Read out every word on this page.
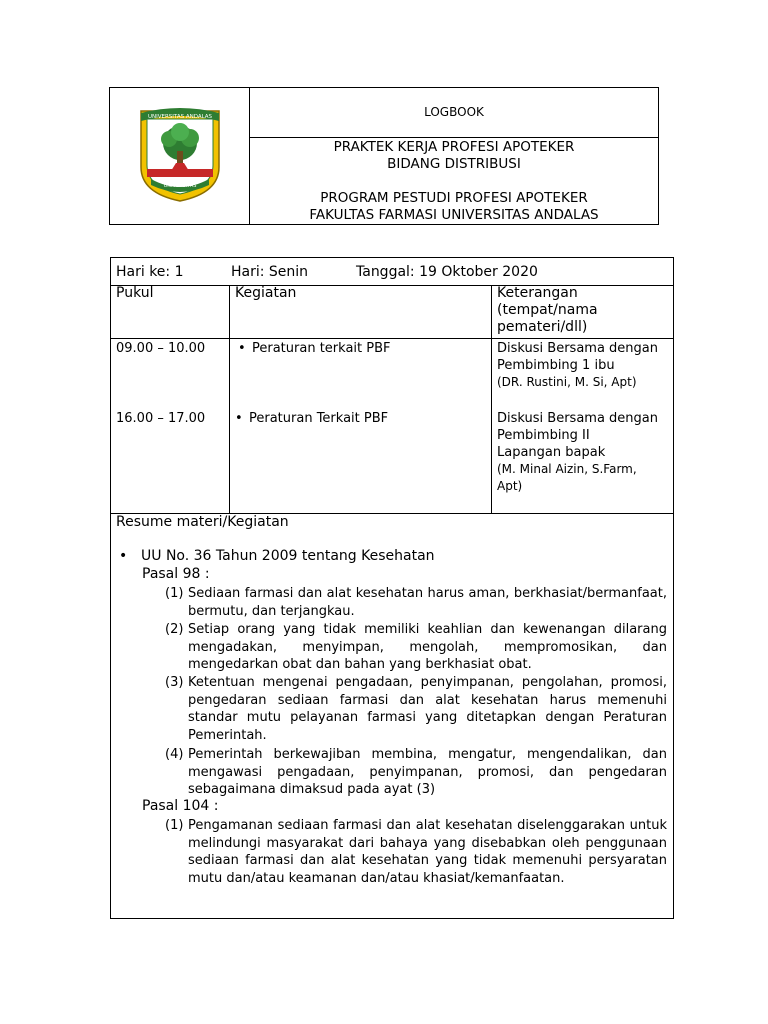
UNIVERSITAS ANDALAS
UNIVERSITAS
LOGBOOK
PRAKTEK KERJA PROFESI APOTEKER
BIDANG DISTRIBUSI
PROGRAM PESTUDI PROFESI APOTEKER
FAKULTAS FARMASI UNIVERSITAS ANDALAS
Hari ke: 1	Hari: Senin	Tanggal: 19 Oktober 2020
Pukul	Kegiatan	Keterangan
(tempat/nama
pemateri/dll)
09.00 – 10.00	• Peraturan terkait PBF	Diskusi Bersama dengan
Pembimbing 1 ibu
(DR. Rustini, M. Si, Apt)
16.00 – 17.00	• Peraturan Terkait PBF	Diskusi Bersama dengan
Pembimbing II
Lapangan bapak
(M. Minal Aizin, S.Farm,
Apt)
Resume materi/Kegiatan
• UU No. 36 Tahun 2009 tentang Kesehatan
Pasal 98 :
(1) Sediaan farmasi dan alat kesehatan harus aman, berkhasiat/bermanfaat, bermutu, dan terjangkau.
(2) Setiap orang yang tidak memiliki keahlian dan kewenangan dilarang mengadakan, menyimpan, mengolah, mempromosikan, dan mengedarkan obat dan bahan yang berkhasiat obat.
(3) Ketentuan mengenai pengadaan, penyimpanan, pengolahan, promosi, pengedaran sediaan farmasi dan alat kesehatan harus memenuhi standar mutu pelayanan farmasi yang ditetapkan dengan Peraturan Pemerintah.
(4) Pemerintah berkewajiban membina, mengatur, mengendalikan, dan mengawasi pengadaan, penyimpanan, promosi, dan pengedaran sebagaimana dimaksud pada ayat (3)
Pasal 104 :
(1) Pengamanan sediaan farmasi dan alat kesehatan diselenggarakan untuk melindungi masyarakat dari bahaya yang disebabkan oleh penggunaan sediaan farmasi dan alat kesehatan yang tidak memenuhi persyaratan mutu dan/atau keamanan dan/atau khasiat/kemanfaatan.
